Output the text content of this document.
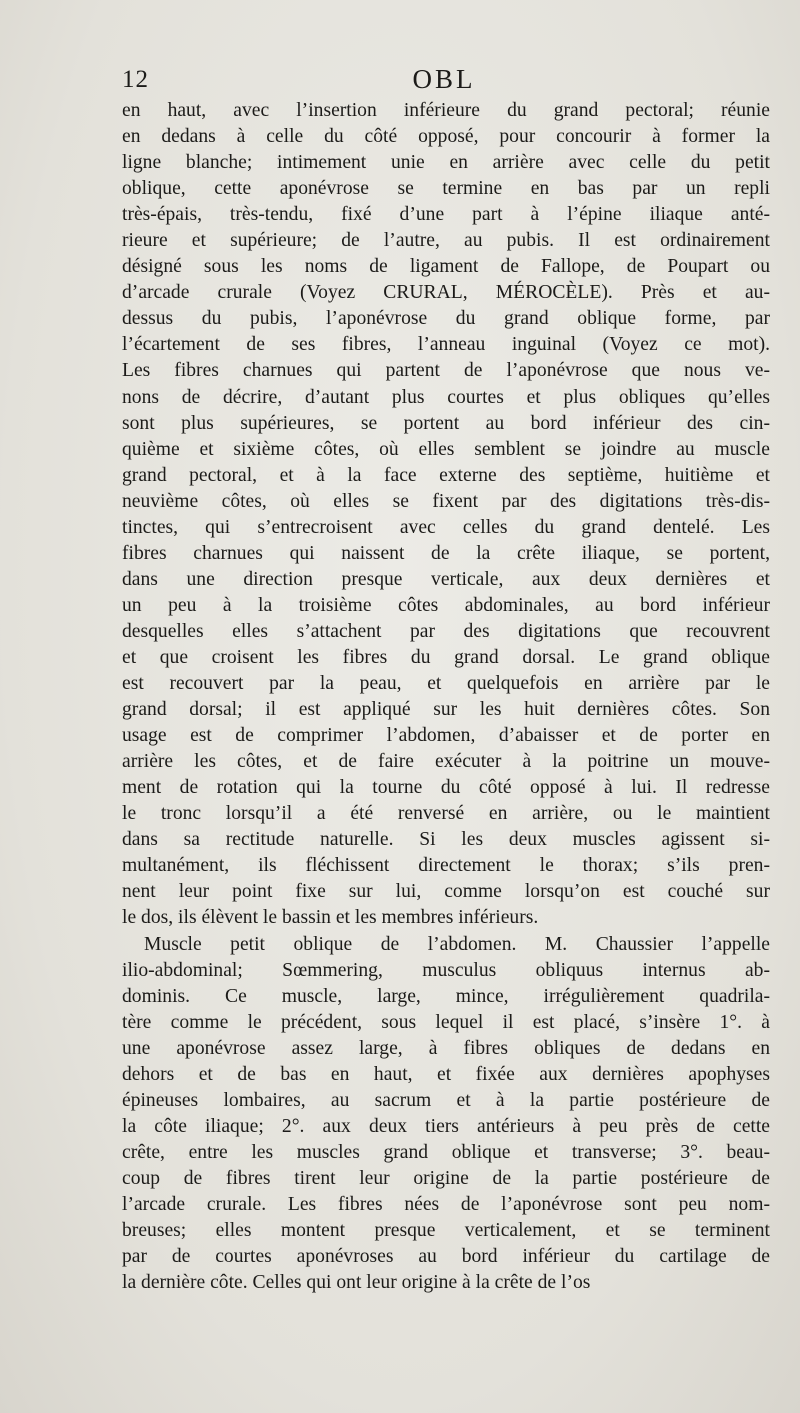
12	OBL
en haut, avec l’insertion inférieure du grand pectoral; réunie
en dedans à celle du côté opposé, pour concourir à former la
ligne blanche; intimement unie en arrière avec celle du petit
oblique, cette aponévrose se termine en bas par un repli
très-épais, très-tendu, fixé d’une part à l’épine iliaque anté-
rieure et supérieure; de l’autre, au pubis. Il est ordinairement
désigné sous les noms de ligament de Fallope, de Poupart ou
d’arcade crurale (Voyez CRURAL, MÉROCÈLE). Près et au-
dessus du pubis, l’aponévrose du grand oblique forme, par
l’écartement de ses fibres, l’anneau inguinal (Voyez ce mot).
Les fibres charnues qui partent de l’aponévrose que nous ve-
nons de décrire, d’autant plus courtes et plus obliques qu’elles
sont plus supérieures, se portent au bord inférieur des cin-
quième et sixième côtes, où elles semblent se joindre au muscle
grand pectoral, et à la face externe des septième, huitième et
neuvième côtes, où elles se fixent par des digitations très-dis-
tinctes, qui s’entrecroisent avec celles du grand dentelé. Les
fibres charnues qui naissent de la crête iliaque, se portent,
dans une direction presque verticale, aux deux dernières et
un peu à la troisième côtes abdominales, au bord inférieur
desquelles elles s’attachent par des digitations que recouvrent
et que croisent les fibres du grand dorsal. Le grand oblique
est recouvert par la peau, et quelquefois en arrière par le
grand dorsal; il est appliqué sur les huit dernières côtes. Son
usage est de comprimer l’abdomen, d’abaisser et de porter en
arrière les côtes, et de faire exécuter à la poitrine un mouve-
ment de rotation qui la tourne du côté opposé à lui. Il redresse
le tronc lorsqu’il a été renversé en arrière, ou le maintient
dans sa rectitude naturelle. Si les deux muscles agissent si-
multanément, ils fléchissent directement le thorax; s’ils pren-
nent leur point fixe sur lui, comme lorsqu’on est couché sur
le dos, ils élèvent le bassin et les membres inférieurs.
Muscle petit oblique de l’abdomen. M. Chaussier l’appelle
ilio-abdominal; Sœmmering, musculus obliquus internus ab-
dominis. Ce muscle, large, mince, irrégulièrement quadrila-
tère comme le précédent, sous lequel il est placé, s’insère 1°. à
une aponévrose assez large, à fibres obliques de dedans en
dehors et de bas en haut, et fixée aux dernières apophyses
épineuses lombaires, au sacrum et à la partie postérieure de
la côte iliaque; 2°. aux deux tiers antérieurs à peu près de cette
crête, entre les muscles grand oblique et transverse; 3°. beau-
coup de fibres tirent leur origine de la partie postérieure de
l’arcade crurale. Les fibres nées de l’aponévrose sont peu nom-
breuses; elles montent presque verticalement, et se terminent
par de courtes aponévroses au bord inférieur du cartilage de
la dernière côte. Celles qui ont leur origine à la crête de l’os
